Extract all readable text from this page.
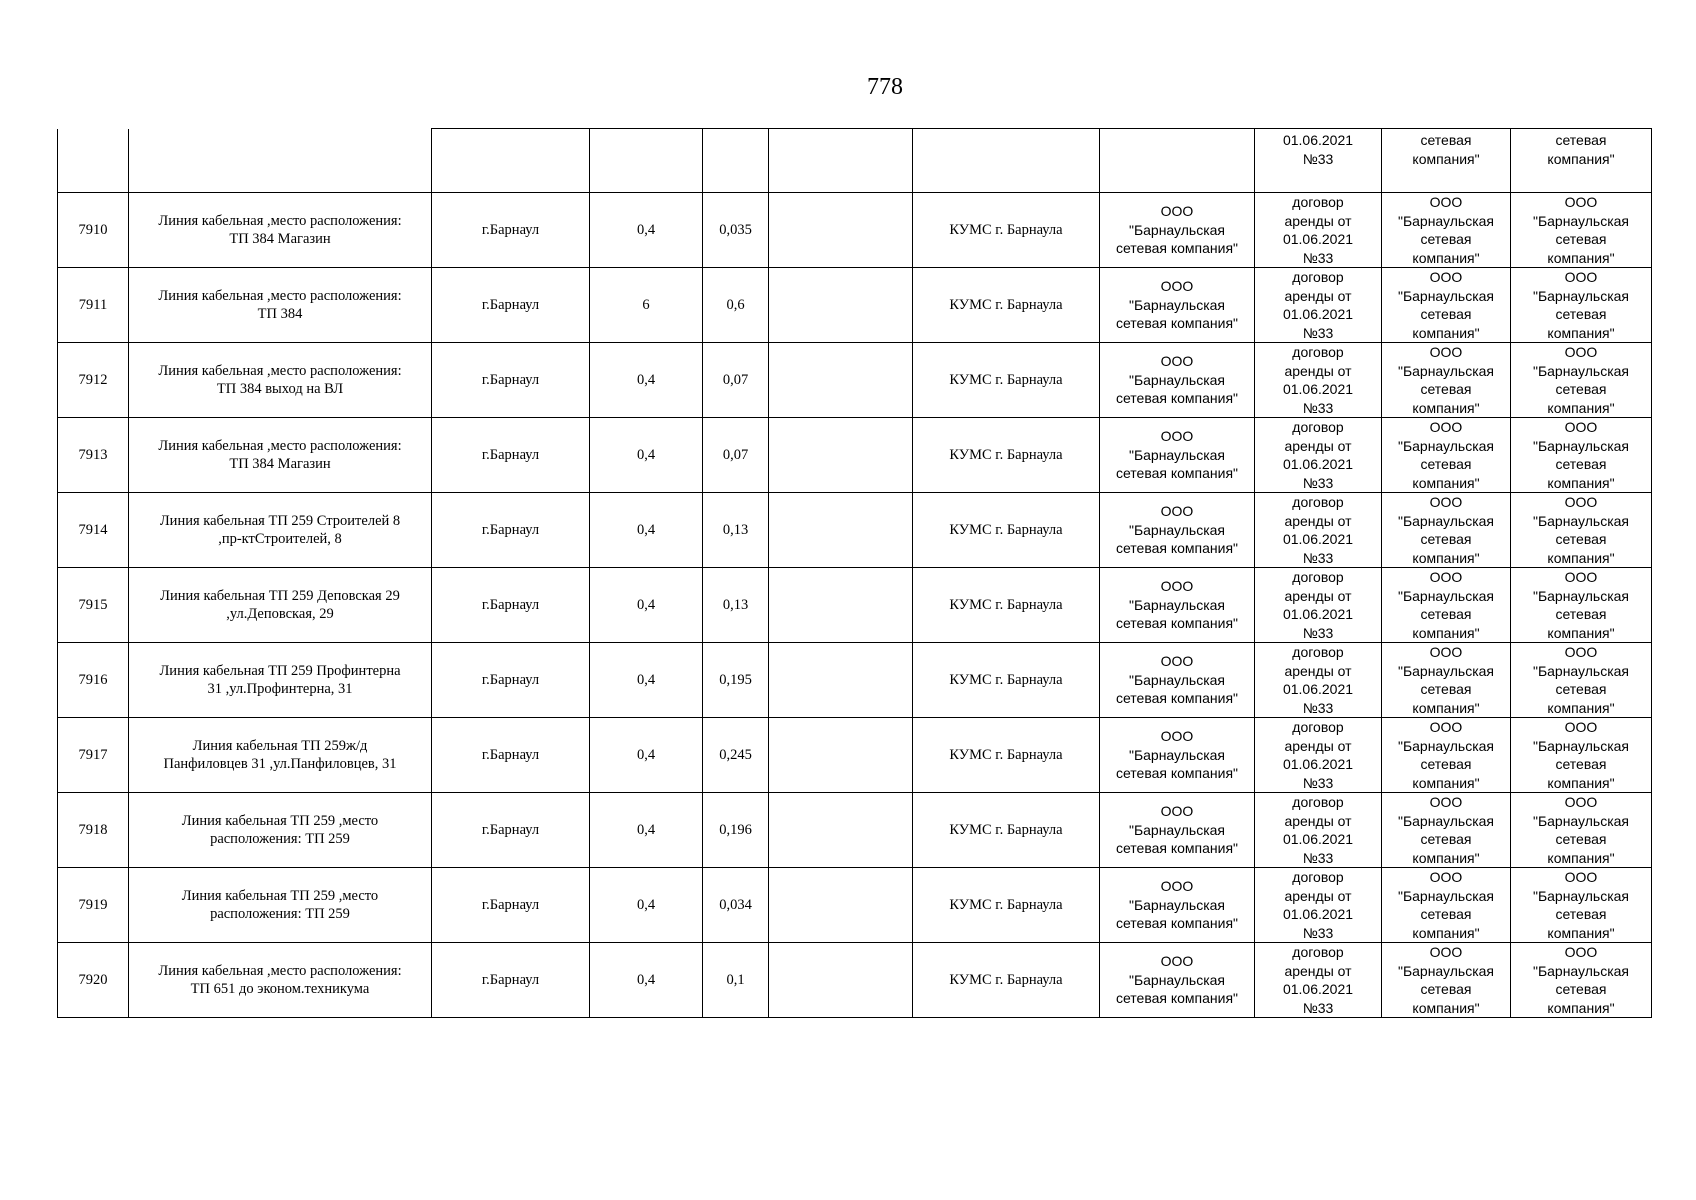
778

								01.06.2021
№33	сетевая
компания"	сетевая
компания"

7910	Линия кабельная ,место расположения:
ТП 384 Магазин	г.Барнаул	0,4	0,035		КУМС г. Барнаула	ООО
"Барнаульская
сетевая компания"	договор
аренды от
01.06.2021
№33	ООО
"Барнаульская
сетевая
компания"	ООО
"Барнаульская
сетевая
компания"

7911	Линия кабельная ,место расположения:
ТП 384	г.Барнаул	6	0,6		КУМС г. Барнаула	ООО
"Барнаульская
сетевая компания"	договор
аренды от
01.06.2021
№33	ООО
"Барнаульская
сетевая
компания"	ООО
"Барнаульская
сетевая
компания"

7912	Линия кабельная ,место расположения:
ТП 384 выход на ВЛ	г.Барнаул	0,4	0,07		КУМС г. Барнаула	ООО
"Барнаульская
сетевая компания"	договор
аренды от
01.06.2021
№33	ООО
"Барнаульская
сетевая
компания"	ООО
"Барнаульская
сетевая
компания"

7913	Линия кабельная ,место расположения:
ТП 384 Магазин	г.Барнаул	0,4	0,07		КУМС г. Барнаула	ООО
"Барнаульская
сетевая компания"	договор
аренды от
01.06.2021
№33	ООО
"Барнаульская
сетевая
компания"	ООО
"Барнаульская
сетевая
компания"

7914	Линия кабельная ТП 259 Строителей 8
,пр-ктСтроителей, 8	г.Барнаул	0,4	0,13		КУМС г. Барнаула	ООО
"Барнаульская
сетевая компания"	договор
аренды от
01.06.2021
№33	ООО
"Барнаульская
сетевая
компания"	ООО
"Барнаульская
сетевая
компания"

7915	Линия кабельная ТП 259 Деповская 29
,ул.Деповская, 29	г.Барнаул	0,4	0,13		КУМС г. Барнаула	ООО
"Барнаульская
сетевая компания"	договор
аренды от
01.06.2021
№33	ООО
"Барнаульская
сетевая
компания"	ООО
"Барнаульская
сетевая
компания"

7916	Линия кабельная ТП 259 Профинтерна
31 ,ул.Профинтерна, 31	г.Барнаул	0,4	0,195		КУМС г. Барнаула	ООО
"Барнаульская
сетевая компания"	договор
аренды от
01.06.2021
№33	ООО
"Барнаульская
сетевая
компания"	ООО
"Барнаульская
сетевая
компания"

7917	Линия кабельная ТП 259ж/д
Панфиловцев 31 ,ул.Панфиловцев, 31	г.Барнаул	0,4	0,245		КУМС г. Барнаула	ООО
"Барнаульская
сетевая компания"	договор
аренды от
01.06.2021
№33	ООО
"Барнаульская
сетевая
компания"	ООО
"Барнаульская
сетевая
компания"

7918	Линия кабельная ТП 259 ,место
расположения: ТП 259	г.Барнаул	0,4	0,196		КУМС г. Барнаула	ООО
"Барнаульская
сетевая компания"	договор
аренды от
01.06.2021
№33	ООО
"Барнаульская
сетевая
компания"	ООО
"Барнаульская
сетевая
компания"

7919	Линия кабельная ТП 259 ,место
расположения: ТП 259	г.Барнаул	0,4	0,034		КУМС г. Барнаула	ООО
"Барнаульская
сетевая компания"	договор
аренды от
01.06.2021
№33	ООО
"Барнаульская
сетевая
компания"	ООО
"Барнаульская
сетевая
компания"

7920	Линия кабельная ,место расположения:
ТП 651 до эконом.техникума	г.Барнаул	0,4	0,1		КУМС г. Барнаула	ООО
"Барнаульская
сетевая компания"	договор
аренды от
01.06.2021
№33	ООО
"Барнаульская
сетевая
компания"	ООО
"Барнаульская
сетевая
компания"
